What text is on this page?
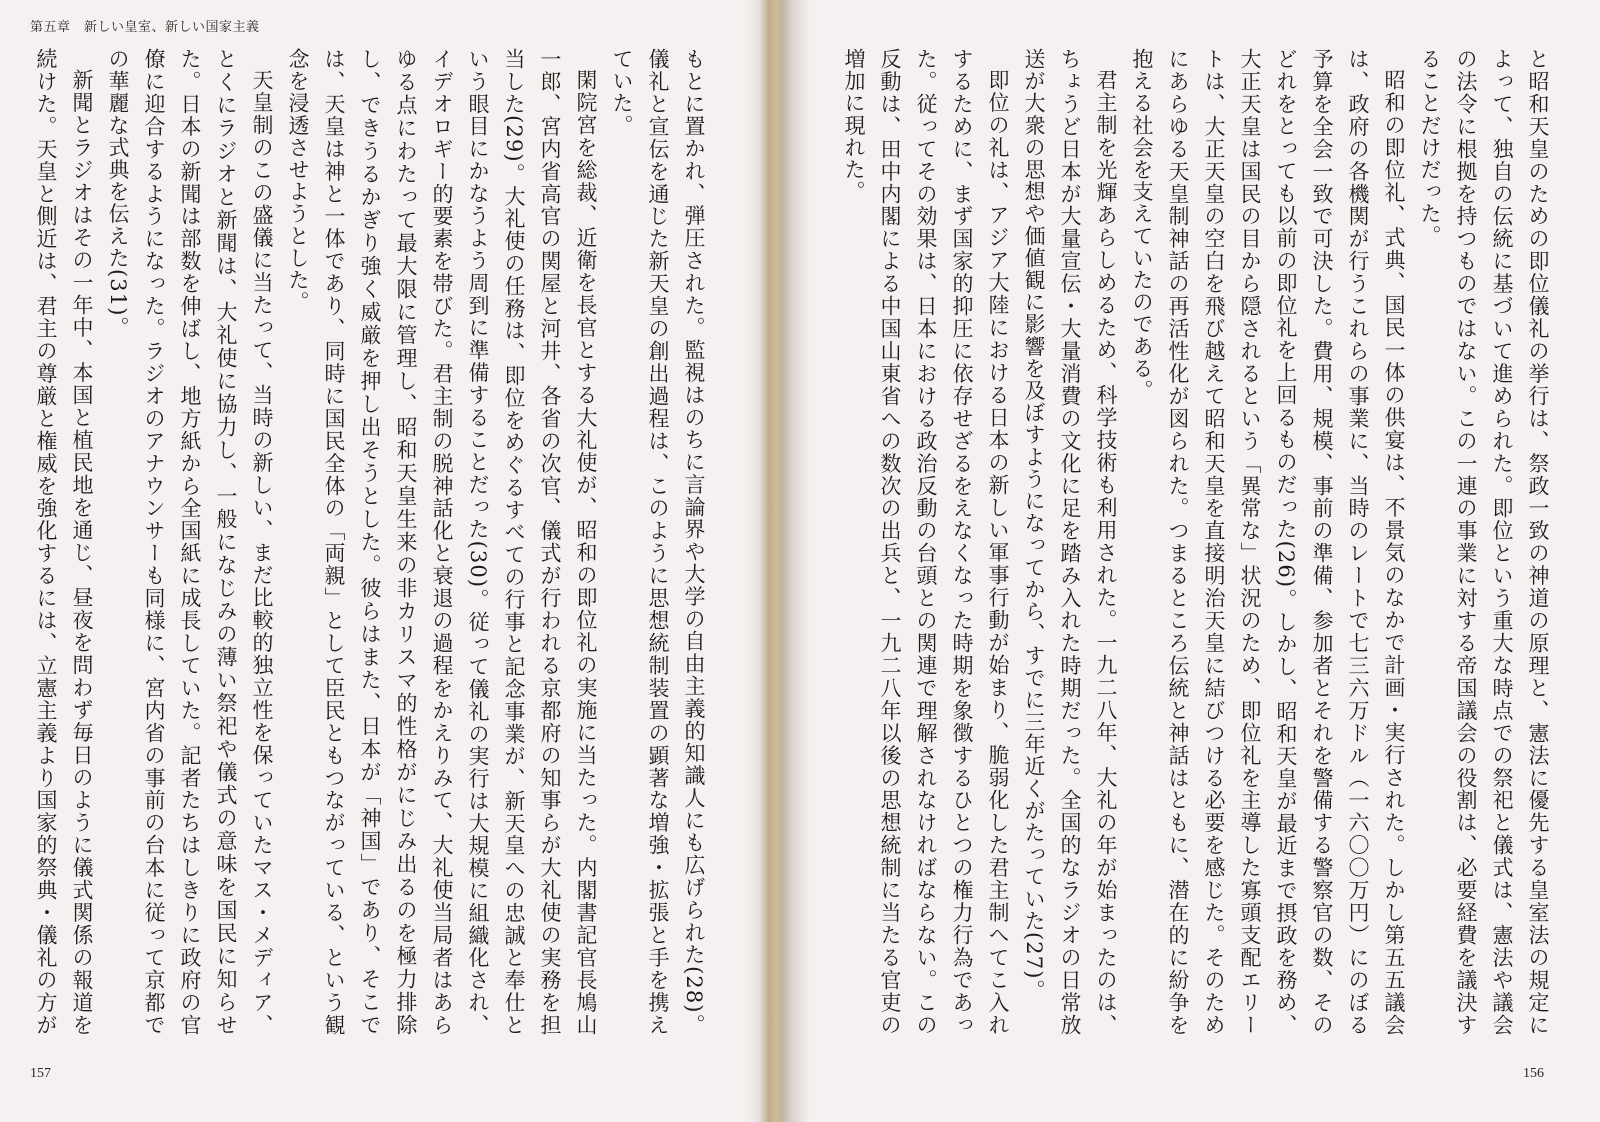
第五章　新しい皇室、新しい国家主義

もとに置かれ、弾圧された。監視はのちに言論界や大学の自由主義的知識人にも広げられた(28)。儀礼と宣伝を通じた新天皇の創出過程は、このように思想統制装置の顕著な増強・拡張と手を携えていた。

閑院宮を総裁、近衛を長官とする大礼使が、昭和の即位礼の実施に当たった。内閣書記官長鳩山一郎、宮内省高官の関屋と河井、各省の次官、儀式が行われる京都府の知事らが大礼使の実務を担当した(29)。大礼使の任務は、即位をめぐるすべての行事と記念事業が、新天皇への忠誠と奉仕という眼目にかなうよう周到に準備することだった(30)。従って儀礼の実行は大規模に組織化され、イデオロギー的要素を帯びた。君主制の脱神話化と衰退の過程をかえりみて、大礼使当局者はあらゆる点にわたって最大限に管理し、昭和天皇生来の非カリスマ的性格がにじみ出るのを極力排除し、できうるかぎり強く威厳を押し出そうとした。彼らはまた、日本が「神国」であり、そこでは、天皇は神と一体であり、同時に国民全体の「両親」として臣民ともつながっている、という観念を浸透させようとした。

天皇制のこの盛儀に当たって、当時の新しい、まだ比較的独立性を保っていたマス・メディア、とくにラジオと新聞は、大礼使に協力し、一般になじみの薄い祭祀や儀式の意味を国民に知らせた。日本の新聞は部数を伸ばし、地方紙から全国紙に成長していた。記者たちはしきりに政府の官僚に迎合するようになった。ラジオのアナウンサーも同様に、宮内省の事前の台本に従って京都での華麗な式典を伝えた(31)。

新聞とラジオはその一年中、本国と植民地を通じ、昼夜を問わず毎日のように儀式関係の報道を続けた。天皇と側近は、君主の尊厳と権威を強化するには、立憲主義より国家的祭典・儀礼の方が

157

と昭和天皇のための即位儀礼の挙行は、祭政一致の神道の原理と、憲法に優先する皇室法の規定によって、独自の伝統に基づいて進められた。即位という重大な時点での祭祀と儀式は、憲法や議会の法令に根拠を持つものではない。この一連の事業に対する帝国議会の役割は、必要経費を議決することだけだった。

昭和の即位礼、式典、国民一体の供宴は、不景気のなかで計画・実行された。しかし第五五議会は、政府の各機関が行うこれらの事業に、当時のレートで七三六万ドル（一六〇〇万円）にのぼる予算を全会一致で可決した。費用、規模、事前の準備、参加者とそれを警備する警察官の数、そのどれをとっても以前の即位礼を上回るものだった(26)。しかし、昭和天皇が最近まで摂政を務め、大正天皇は国民の目から隠されるという「異常な」状況のため、即位礼を主導した寡頭支配エリートは、大正天皇の空白を飛び越えて昭和天皇を直接明治天皇に結びつける必要を感じた。そのためにあらゆる天皇制神話の再活性化が図られた。つまるところ伝統と神話はともに、潜在的に紛争を抱える社会を支えていたのである。

君主制を光輝あらしめるため、科学技術も利用された。一九二八年、大礼の年が始まったのは、ちょうど日本が大量宣伝・大量消費の文化に足を踏み入れた時期だった。全国的なラジオの日常放送が大衆の思想や価値観に影響を及ぼすようになってから、すでに三年近くがたっていた(27)。

即位の礼は、アジア大陸における日本の新しい軍事行動が始まり、脆弱化した君主制へてこ入れするために、まず国家的抑圧に依存せざるをえなくなった時期を象徴するひとつの権力行為であった。従ってその効果は、日本における政治反動の台頭との関連で理解されなければならない。この反動は、田中内閣による中国山東省への数次の出兵と、一九二八年以後の思想統制に当たる官吏の増加に現れた。

156
